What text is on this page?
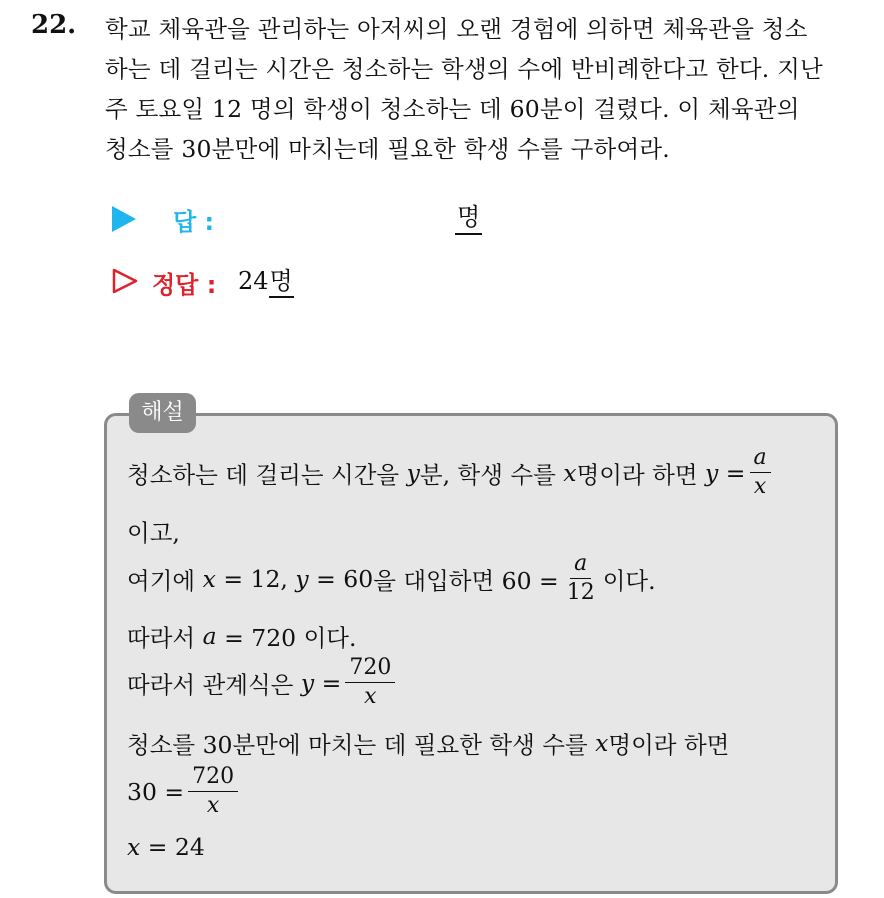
22. 학교 체육관을 관리하는 아저씨의 오랜 경험에 의하면 체육관을 청소
하는 데 걸리는 시간은 청소하는 학생의 수에 반비례한다고 한다. 지난
주 토요일 12 명의 학생이 청소하는 데 60분이 걸렸다. 이 체육관의
청소를 30분만에 마치는데 필요한 학생 수를 구하여라.
답 :	명
정답 : 24명
해설
청소하는 데 걸리는 시간을
y 분, 학생 수를
x 명이라 하면
y
= $\frac{a}{x}$
이고,
여기에
x
= 12,
y
= 60 을 대입하면 $60 = \frac{a}{12}$ 이다.
따라서
a
= 720 이다.
따라서 관계식은
y
= $\frac{720}{x}$
청소를 30분만에 마치는 데 필요한 학생 수를
x 명이라 하면
$30 = \frac{720}{x}$
x
= 24
